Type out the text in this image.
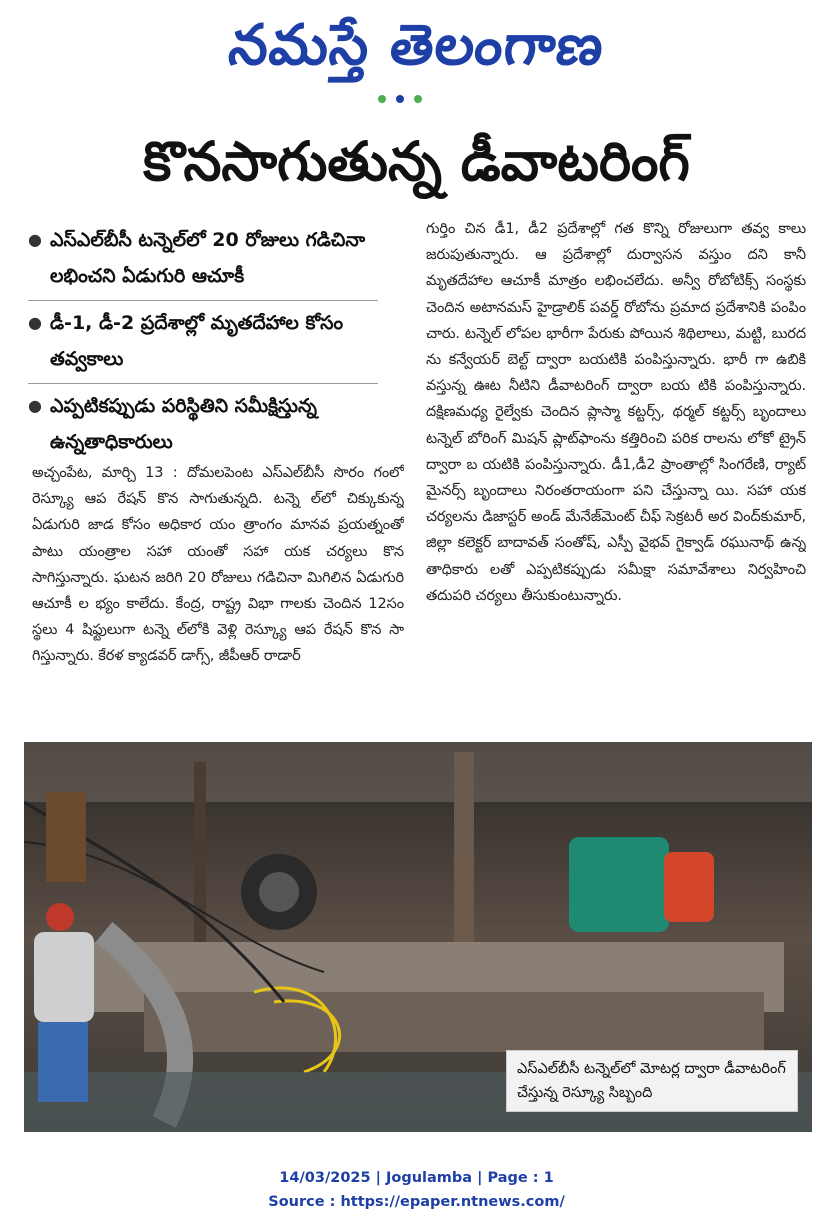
నమస్తే తెలంగాణ
కొనసాగుతున్న డీవాటరింగ్
● ఎస్ఎల్‌బీసీ టన్నెల్‌లో 20 రోజులు గడిచినా లభించని ఏడుగురి ఆచూకీ
● డీ-1, డీ-2 ప్రదేశాల్లో మృతదేహాల కోసం తవ్వకాలు
● ఎప్పటికప్పుడు పరిస్థితిని సమీక్షిస్తున్న ఉన్నతాధికారులు
అచ్చంపేట, మార్చి 13 : దోమలపెంట ఎస్ఎల్‌బీసీ సొరం గంలో రెస్క్యూ ఆప రేషన్ కొన సాగుతున్నది. టన్నె ల్‌లో చిక్కుకున్న ఏడుగురి జాడ కోసం అధికార యం త్రాంగం మానవ ప్రయత్నంతో పాటు యంత్రాల సహా యంతో సహా యక చర్యలు కొన సాగిస్తున్నారు. ఘటన జరిగి 20 రోజులు గడిచినా మిగిలిన ఏడుగురి ఆచూకీ ల భ్యం కాలేదు. కేంద్ర, రాష్ట్ర విభా గాలకు చెందిన 12సం స్థలు 4 షిఫ్టులుగా టన్నె ల్‌లోకి వెళ్లి రెస్క్యూ ఆప రేషన్ కొన సా గిస్తున్నారు. కేరళ క్యాడవర్ డాగ్స్, జీపీఆర్ రాడార్
గుర్తిం చిన డీ1, డీ2 ప్రదేశాల్లో గత కొన్ని రోజులుగా తవ్వ కాలు జరుపుతున్నారు. ఆ ప్రదేశాల్లో దుర్వాసన వస్తుం దని కానీ మృతదేహాల ఆచూకీ మాత్రం లభించలేదు. అన్వీ రోబోటిక్స్ సంస్థకు చెందిన అటానమస్ హైడ్రాలిక్ పవర్డ్ రోబోను ప్రమాద ప్రదేశానికి పంపిం చారు. టన్నెల్ లోపల భారీగా పేరుకు పోయిన శిథిలాలు, మట్టి, బురద ను కన్వేయర్ బెల్ట్ ద్వారా బయటికి పంపిస్తున్నారు. భారీ గా ఉబికి వస్తున్న ఊట నీటిని డీవాటరింగ్ ద్వారా బయ టికి పంపిస్తున్నారు. దక్షిణమధ్య రైల్వేకు చెందిన ప్లాస్మా కట్టర్స్, థర్మల్ కట్టర్స్ బృందాలు టన్నెల్ బోరింగ్ మిషన్ ప్లాట్‌ఫాంను కత్తిరించి పరిక రాలను లోకో ట్రైన్ ద్వారా బ యటికి పంపిస్తున్నారు. డీ1,డీ2 ప్రాంతాల్లో సింగరేణి, ర్యాట్ మైనర్స్ బృందాలు నిరంతరాయంగా పని చేస్తున్నా యి. సహా యక చర్యలను డిజాస్టర్ అండ్ మేనేజ్‌మెంట్ చీఫ్ సెక్రటరీ అర వింద్‌కుమార్, జిల్లా కలెక్టర్ బాదావత్ సంతోష్, ఎస్పీ వైభవ్ గైక్వాడ్ రఘునాథ్ ఉన్న తాధికారు లతో ఎప్పటికప్పుడు సమీక్షా సమావేశాలు నిర్వహించి తదుపరి చర్యలు తీసుకుంటున్నారు.
ఎస్ఎల్‌బీసీ టన్నెల్‌లో మోటర్ల ద్వారా డీవాటరింగ్ చేస్తున్న రెస్క్యూ సిబ్బంది
14/03/2025 | Jogulamba | Page : 1
Source : https://epaper.ntnews.com/
